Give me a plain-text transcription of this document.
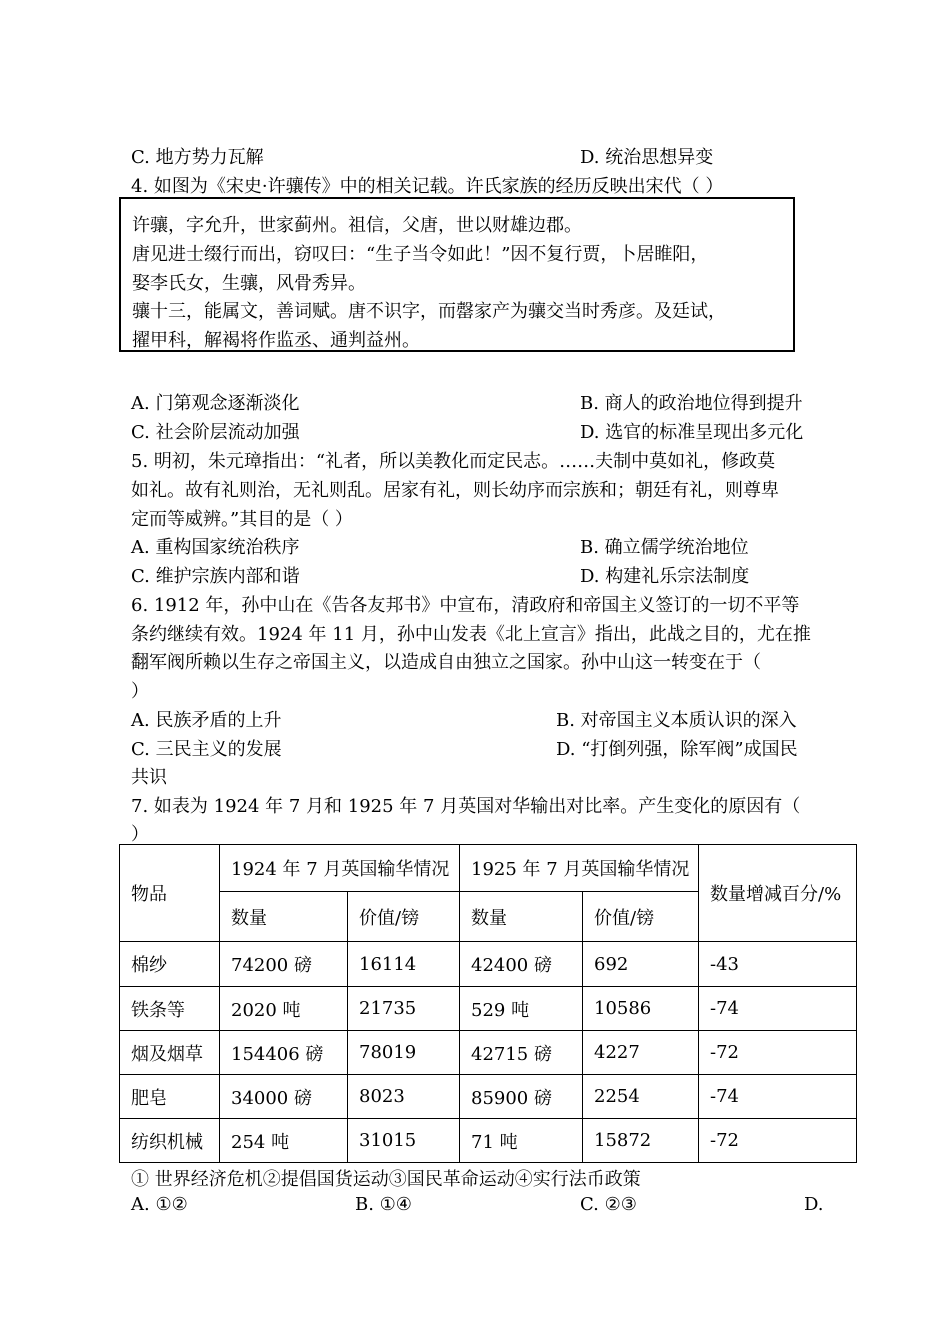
C. 地方势力瓦解	D. 统治思想异变
4. 如图为《宋史·许骧传》中的相关记载。许氏家族的经历反映出宋代（ ）
许骧，字允升，世家蓟州。祖信，父唐，世以财雄边郡。
唐见进士缀行而出，窃叹曰：“生子当令如此！”因不复行贾，卜居睢阳，
娶李氏女，生骧，风骨秀异。
骧十三，能属文，善词赋。唐不识字，而罄家产为骧交当时秀彦。及廷试，
擢甲科，解褐将作监丞、通判益州。
A. 门第观念逐渐淡化	B. 商人的政治地位得到提升
C. 社会阶层流动加强	D. 选官的标准呈现出多元化
5. 明初，朱元璋指出：“礼者，所以美教化而定民志。……夫制中莫如礼，修政莫
如礼。故有礼则治，无礼则乱。居家有礼，则长幼序而宗族和；朝廷有礼，则尊卑
定而等威辨。”其目的是（ ）
A. 重构国家统治秩序	B. 确立儒学统治地位
C. 维护宗族内部和谐	D. 构建礼乐宗法制度
6. 1912 年，孙中山在《告各友邦书》中宣布，清政府和帝国主义签订的一切不平等
条约继续有效。1924 年 11 月，孙中山发表《北上宣言》指出，此战之目的，尤在推
翻军阀所赖以生存之帝国主义，以造成自由独立之国家。孙中山这一转变在于（
）
A. 民族矛盾的上升	B. 对帝国主义本质认识的深入
C. 三民主义的发展	D. “打倒列强，除军阀”成国民
共识
7. 如表为 1924 年 7 月和 1925 年 7 月英国对华输出对比率。产生变化的原因有（
）
物品	1924 年 7 月英国输华情况		1925 年 7 月英国输华情况		数量增减百分/%
	数量	价值/镑	数量	价值/镑	
棉纱	74200 磅	16114	42400 磅	692	-43
铁条等	2020 吨	21735	529 吨	10586	-74
烟及烟草	154406 磅	78019	42715 磅	4227	-72
肥皂	34000 磅	8023	85900 磅	2254	-74
纺织机械	254 吨	31015	71 吨	15872	-72
① 世界经济危机②提倡国货运动③国民革命运动④实行法币政策
A. ①②	B. ①④	C. ②③	D.
